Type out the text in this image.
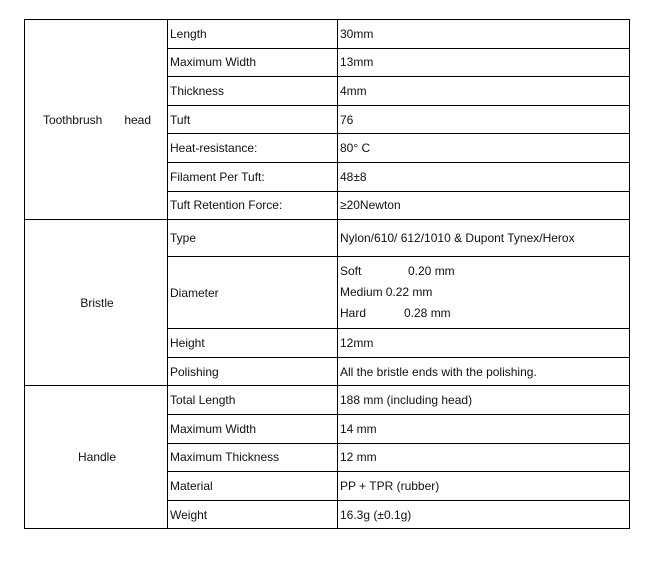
Toothbrush head	Length	30mm
	Maximum Width	13mm
	Thickness	4mm
	Tuft	76
	Heat-resistance:	80° C
	Filament Per Tuft:	48±8
	Tuft Retention Force:	≥20Newton
Bristle	Type	Nylon/610/ 612/1010 & Dupont Tynex/Herox
	Diameter	Soft 0.20 mm
Medium 0.22 mm
Hard 0.28 mm

	Height	12mm
	Polishing	All the bristle ends with the polishing.
Handle	Total Length	188 mm (including head)
	Maximum Width	14 mm
	Maximum Thickness	12 mm
	Material	PP + TPR (rubber)
	Weight	16.3g (±0.1g)
